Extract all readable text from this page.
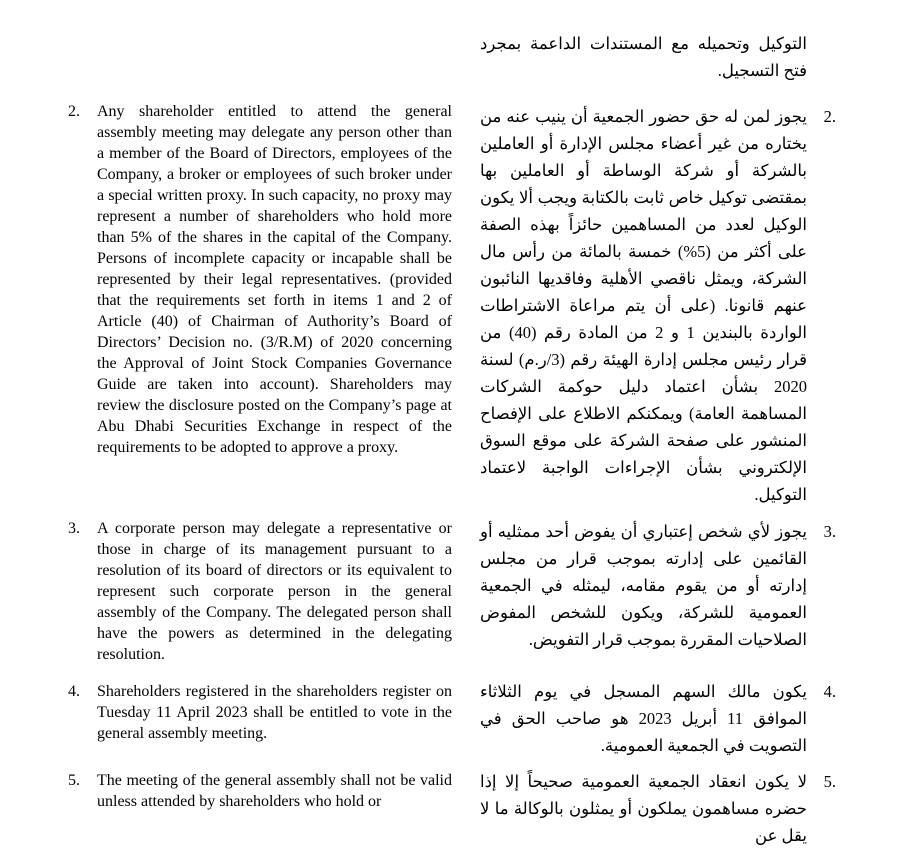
التوكيل وتحميله مع المستندات الداعمة بمجرد فتح التسجيل.
2. Any shareholder entitled to attend the general assembly meeting may delegate any person other than a member of the Board of Directors, employees of the Company, a broker or employees of such broker under a special written proxy. In such capacity, no proxy may represent a number of shareholders who hold more than 5% of the shares in the capital of the Company. Persons of incomplete capacity or incapable shall be represented by their legal representatives. (provided that the requirements set forth in items 1 and 2 of Article (40) of Chairman of Authority’s Board of Directors’ Decision no. (3/R.M) of 2020 concerning the Approval of Joint Stock Companies Governance Guide are taken into account). Shareholders may review the disclosure posted on the Company’s page at Abu Dhabi Securities Exchange in respect of the requirements to be adopted to approve a proxy.
.2
يجوز لمن له حق حضور الجمعية أن ينيب عنه من يختاره من غير أعضاء مجلس الإدارة أو العاملين بالشركة أو شركة الوساطة أو العاملين بها بمقتضى توكيل خاص ثابت بالكتابة ويجب ألا يكون الوكيل لعدد من المساهمين حائزاً بهذه الصفة على أكثر من (5%) خمسة بالمائة من رأس مال الشركة، ويمثل ناقصي الأهلية وفاقديها النائبون عنهم قانونا. (على أن يتم مراعاة الاشتراطات الواردة بالبندين 1 و 2 من المادة رقم (40) من قرار رئيس مجلس إدارة الهيئة رقم (3/ر.م) لسنة 2020 بشأن اعتماد دليل حوكمة الشركات المساهمة العامة) ويمكنكم الاطلاع على الإفصاح المنشور على صفحة الشركة على موقع السوق الإلكتروني بشأن الإجراءات الواجبة لاعتماد التوكيل.
3. A corporate person may delegate a representative or those in charge of its management pursuant to a resolution of its board of directors or its equivalent to represent such corporate person in the general assembly of the Company. The delegated person shall have the powers as determined in the delegating resolution.
.3
يجوز لأي شخص إعتباري أن يفوض أحد ممثليه أو القائمين على إدارته بموجب قرار من مجلس إدارته أو من يقوم مقامه، ليمثله في الجمعية العمومية للشركة، ويكون للشخص المفوض الصلاحيات المقررة بموجب قرار التفويض.
4. Shareholders registered in the shareholders register on Tuesday 11 April 2023 shall be entitled to vote in the general assembly meeting.
.4
يكون مالك السهم المسجل في يوم الثلاثاء الموافق 11 أبريل 2023 هو صاحب الحق في التصويت في الجمعية العمومية.
5. The meeting of the general assembly shall not be valid unless attended by shareholders who hold or
.5
لا يكون انعقاد الجمعية العمومية صحيحاً إلا إذا حضره مساهمون يملكون أو يمثلون بالوكالة ما لا يقل عن
